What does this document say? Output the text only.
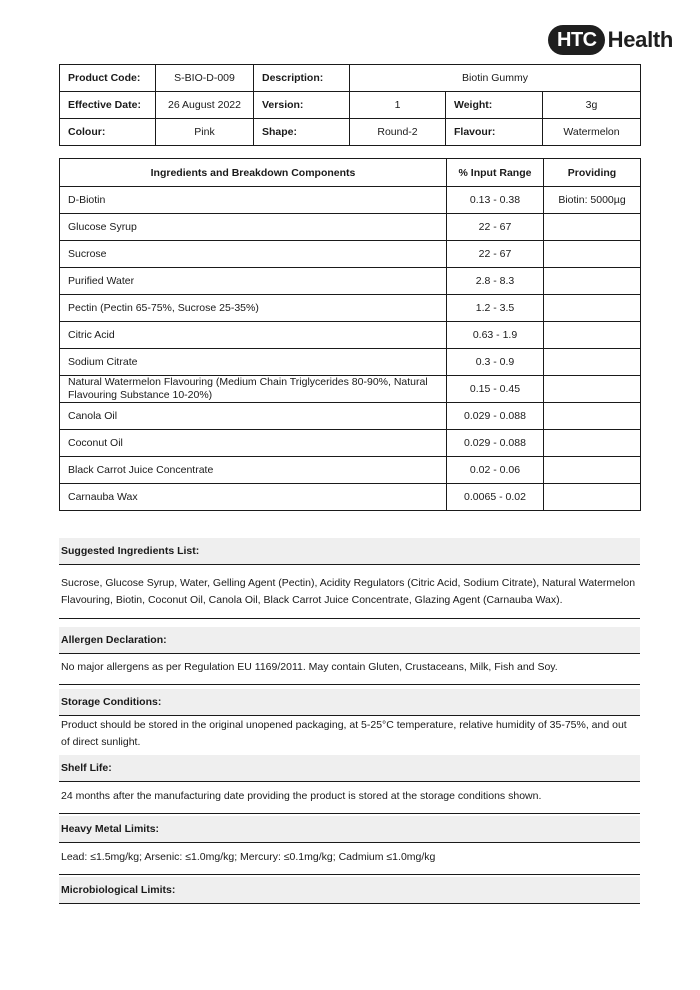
HTC Health
Product Code:	S-BIO-D-009	Description:	Biotin Gummy		
Effective Date:	26 August 2022	Version:	1	Weight:	3g
Colour:	Pink	Shape:	Round-2	Flavour:	Watermelon
Ingredients and Breakdown Components	% Input Range	Providing
D-Biotin	0.13 - 0.38	Biotin: 5000µg
Glucose Syrup	22 - 67	
Sucrose	22 - 67	
Purified Water	2.8 - 8.3	
Pectin (Pectin 65-75%, Sucrose 25-35%)	1.2 - 3.5	
Citric Acid	0.63 - 1.9	
Sodium Citrate	0.3 - 0.9	
Natural Watermelon Flavouring (Medium Chain Triglycerides 80-90%, Natural Flavouring Substance 10-20%)	0.15 - 0.45	
Canola Oil	0.029 - 0.088	
Coconut Oil	0.029 - 0.088	
Black Carrot Juice Concentrate	0.02 - 0.06	
Carnauba Wax	0.0065 - 0.02	
Suggested Ingredients List:
Sucrose, Glucose Syrup, Water, Gelling Agent (Pectin), Acidity Regulators (Citric Acid, Sodium Citrate), Natural Watermelon Flavouring, Biotin, Coconut Oil, Canola Oil, Black Carrot Juice Concentrate, Glazing Agent (Carnauba Wax).
Allergen Declaration:
No major allergens as per Regulation EU 1169/2011. May contain Gluten, Crustaceans, Milk, Fish and Soy.
Storage Conditions:
Product should be stored in the original unopened packaging, at 5-25°C temperature, relative humidity of 35-75%, and out of direct sunlight.
Shelf Life:
24 months after the manufacturing date providing the product is stored at the storage conditions shown.
Heavy Metal Limits:
Lead: ≤1.5mg/kg; Arsenic: ≤1.0mg/kg; Mercury: ≤0.1mg/kg; Cadmium ≤1.0mg/kg
Microbiological Limits:
